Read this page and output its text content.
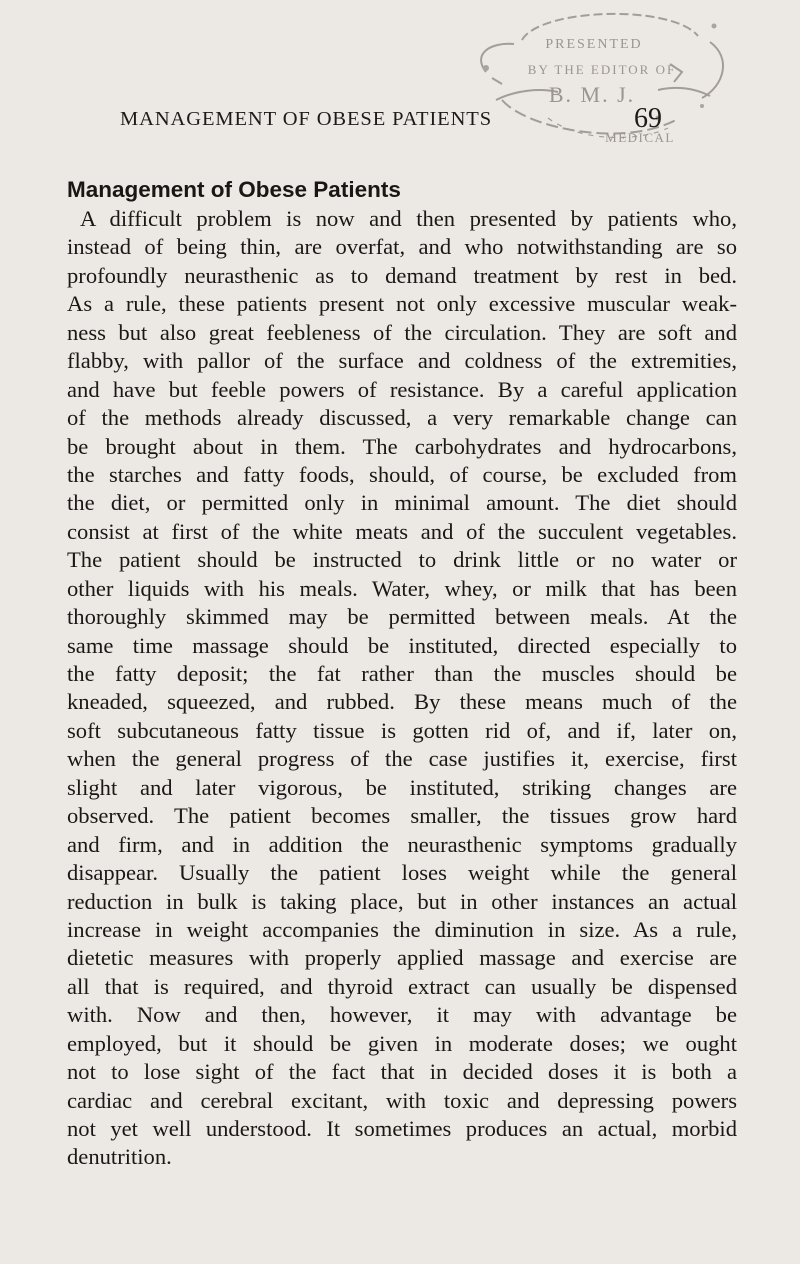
PRESENTED
BY THE EDITOR OF
B. M. J.
MEDICAL
MANAGEMENT OF OBESE PATIENTS	69
Management of Obese Patients
A difficult problem is now and then presented by patients who,
instead of being thin, are overfat, and who notwithstanding are so
profoundly neurasthenic as to demand treatment by rest in bed.
As a rule, these patients present not only excessive muscular weak-
ness but also great feebleness of the circulation. They are soft and
flabby, with pallor of the surface and coldness of the extremities,
and have but feeble powers of resistance. By a careful application
of the methods already discussed, a very remarkable change can
be brought about in them. The carbohydrates and hydrocarbons,
the starches and fatty foods, should, of course, be excluded from
the diet, or permitted only in minimal amount. The diet should
consist at first of the white meats and of the succulent vegetables.
The patient should be instructed to drink little or no water or
other liquids with his meals. Water, whey, or milk that has been
thoroughly skimmed may be permitted between meals. At the
same time massage should be instituted, directed especially to
the fatty deposit; the fat rather than the muscles should be
kneaded, squeezed, and rubbed. By these means much of the
soft subcutaneous fatty tissue is gotten rid of, and if, later on,
when the general progress of the case justifies it, exercise, first
slight and later vigorous, be instituted, striking changes are
observed. The patient becomes smaller, the tissues grow hard
and firm, and in addition the neurasthenic symptoms gradually
disappear. Usually the patient loses weight while the general
reduction in bulk is taking place, but in other instances an actual
increase in weight accompanies the diminution in size. As a rule,
dietetic measures with properly applied massage and exercise are
all that is required, and thyroid extract can usually be dispensed
with. Now and then, however, it may with advantage be
employed, but it should be given in moderate doses; we ought
not to lose sight of the fact that in decided doses it is both a
cardiac and cerebral excitant, with toxic and depressing powers
not yet well understood. It sometimes produces an actual, morbid
denutrition.
